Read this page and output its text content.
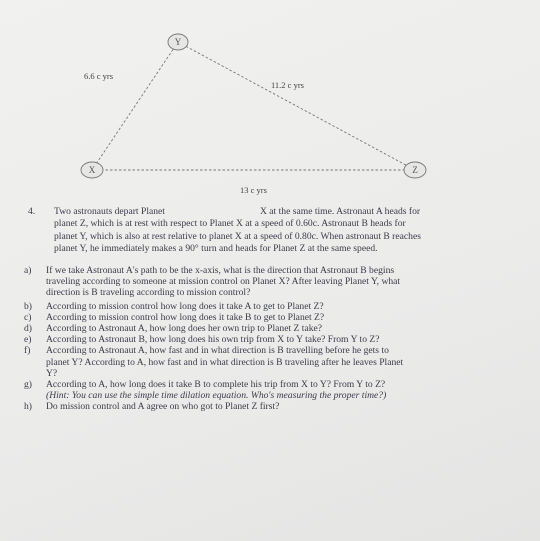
Y
X	Z
6.6 c yrs
11.2 c yrs
13 c yrs
4. Two astronauts depart Planet	X at the same time. Astronaut A heads for
planet Z, which is at rest with respect to Planet X at a speed of 0.60c. Astronaut B heads for
planet Y, which is also at rest relative to planet X at a speed of 0.80c. When astronaut B reaches
planet Y, he immediately makes a 90° turn and heads for Planet Z at the same speed.
a) If we take Astronaut A's path to be the x-axis, what is the direction that Astronaut B begins
traveling according to someone at mission control on Planet X? After leaving Planet Y, what
direction is B traveling according to mission control?
b) According to mission control how long does it take A to get to Planet Z?
c) According to mission control how long does it take B to get to Planet Z?
d) According to Astronaut A, how long does her own trip to Planet Z take?
e) According to Astronaut B, how long does his own trip from X to Y take? From Y to Z?
f) According to Astronaut A, how fast and in what direction is B travelling before he gets to
planet Y? According to A, how fast and in what direction is B traveling after he leaves Planet
Y?
g) According to A, how long does it take B to complete his trip from X to Y? From Y to Z?
(Hint: You can use the simple time dilation equation. Who's measuring the proper time?)
h) Do mission control and A agree on who got to Planet Z first?
